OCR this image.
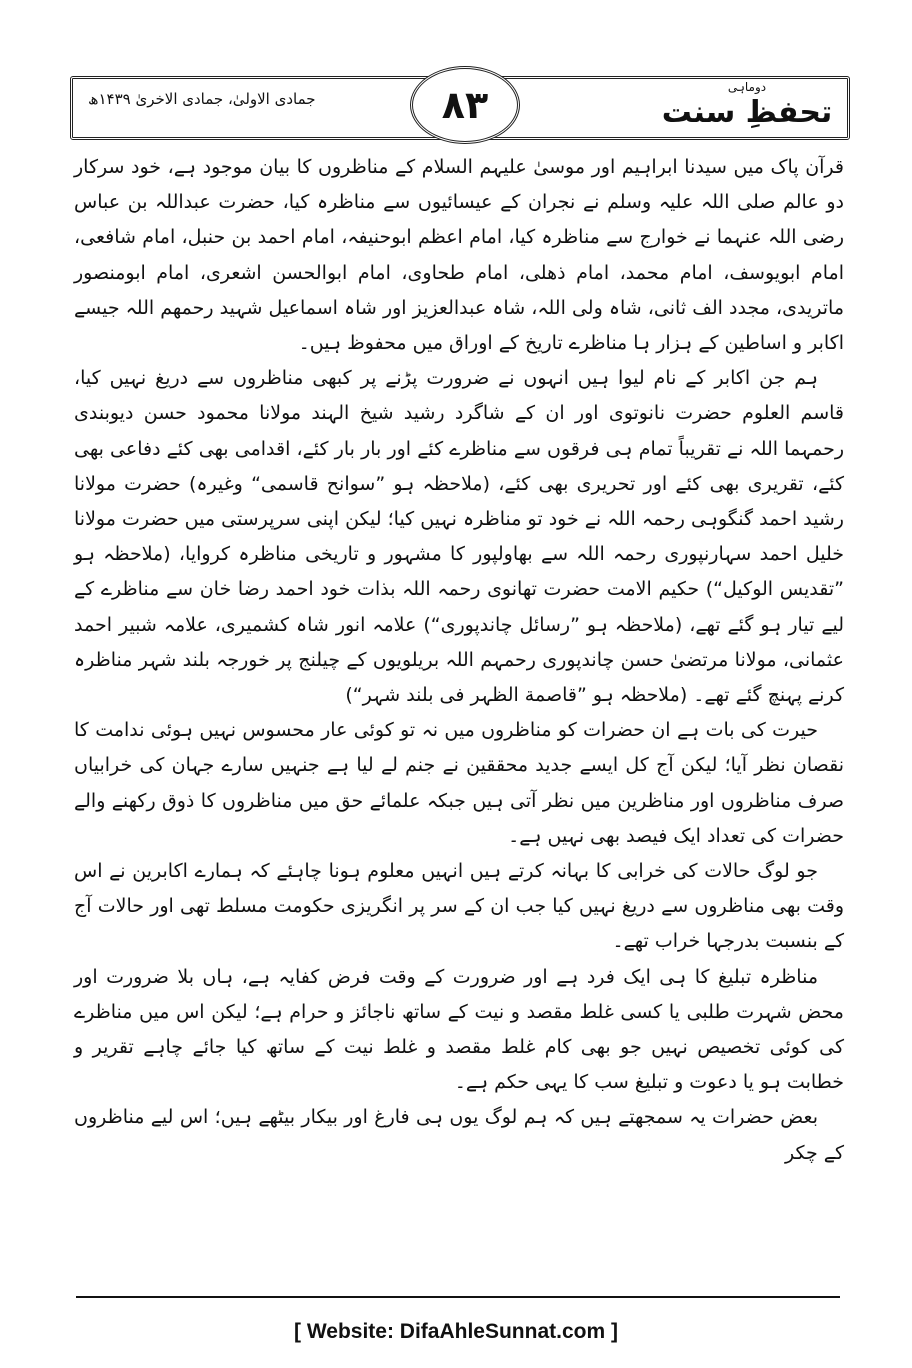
جمادی الاولیٰ، جمادی الاخریٰ ۱۴۳۹ھ	۸۳	دوماہی
تحفظِ سنت

قرآن پاک میں سیدنا ابراہیم اور موسیٰ علیہم السلام کے مناظروں کا بیان موجود ہے، خود سرکار دو عالم صلی اللہ علیہ وسلم نے نجران کے عیسائیوں سے مناظرہ کیا، حضرت عبداللہ بن عباس رضی اللہ عنہما نے خوارج سے مناظرہ کیا، امام اعظم ابوحنیفہ، امام احمد بن حنبل، امام شافعی، امام ابویوسف، امام محمد، امام ذھلی، امام طحاوی، امام ابوالحسن اشعری، امام ابومنصور ماتریدی، مجدد الف ثانی، شاہ ولی اللہ، شاہ عبدالعزیز اور شاہ اسماعیل شہید رحمھم اللہ جیسے اکابر و اساطین کے ہزار ہا مناظرے تاریخ کے اوراق میں محفوظ ہیں۔

ہم جن اکابر کے نام لیوا ہیں انہوں نے ضرورت پڑنے پر کبھی مناظروں سے دریغ نہیں کیا، قاسم العلوم حضرت نانوتوی اور ان کے شاگرد رشید شیخ الہند مولانا محمود حسن دیوبندی رحمہما اللہ نے تقریباً تمام ہی فرقوں سے مناظرے کئے اور بار بار کئے، اقدامی بھی کئے دفاعی بھی کئے، تقریری بھی کئے اور تحریری بھی کئے، (ملاحظہ ہو ”سوانح قاسمی“ وغیرہ) حضرت مولانا رشید احمد گنگوہی رحمہ اللہ نے خود تو مناظرہ نہیں کیا؛ لیکن اپنی سرپرستی میں حضرت مولانا خلیل احمد سہارنپوری رحمہ اللہ سے بھاولپور کا مشہور و تاریخی مناظرہ کروایا، (ملاحظہ ہو ”تقدیس الوکیل“) حکیم الامت حضرت تھانوی رحمہ اللہ بذات خود احمد رضا خان سے مناظرے کے لیے تیار ہو گئے تھے، (ملاحظہ ہو ”رسائل چاندپوری“) علامہ انور شاہ کشمیری، علامہ شبیر احمد عثمانی، مولانا مرتضیٰ حسن چاندپوری رحمہم اللہ بریلویوں کے چیلنج پر خورجہ بلند شہر مناظرہ کرنے پہنچ گئے تھے۔ (ملاحظہ ہو ”قاصمة الظہر فی بلند شہر“)

حیرت کی بات ہے ان حضرات کو مناظروں میں نہ تو کوئی عار محسوس نہیں ہوئی ندامت کا نقصان نظر آیا؛ لیکن آج کل ایسے جدید محققین نے جنم لے لیا ہے جنہیں سارے جہان کی خرابیاں صرف مناظروں اور مناظرین میں نظر آتی ہیں جبکہ علمائے حق میں مناظروں کا ذوق رکھنے والے حضرات کی تعداد ایک فیصد بھی نہیں ہے۔

جو لوگ حالات کی خرابی کا بہانہ کرتے ہیں انہیں معلوم ہونا چاہئے کہ ہمارے اکابرین نے اس وقت بھی مناظروں سے دریغ نہیں کیا جب ان کے سر پر انگریزی حکومت مسلط تھی اور حالات آج کے بنسبت بدرجہا خراب تھے۔

مناظرہ تبلیغ کا ہی ایک فرد ہے اور ضرورت کے وقت فرض کفایہ ہے، ہاں بلا ضرورت اور محض شہرت طلبی یا کسی غلط مقصد و نیت کے ساتھ ناجائز و حرام ہے؛ لیکن اس میں مناظرے کی کوئی تخصیص نہیں جو بھی کام غلط مقصد و غلط نیت کے ساتھ کیا جائے چاہے تقریر و خطابت ہو یا دعوت و تبلیغ سب کا یہی حکم ہے۔

بعض حضرات یہ سمجھتے ہیں کہ ہم لوگ یوں ہی فارغ اور بیکار بیٹھے ہیں؛ اس لیے مناظروں کے چکر

[ Website: DifaAhleSunnat.com ]
